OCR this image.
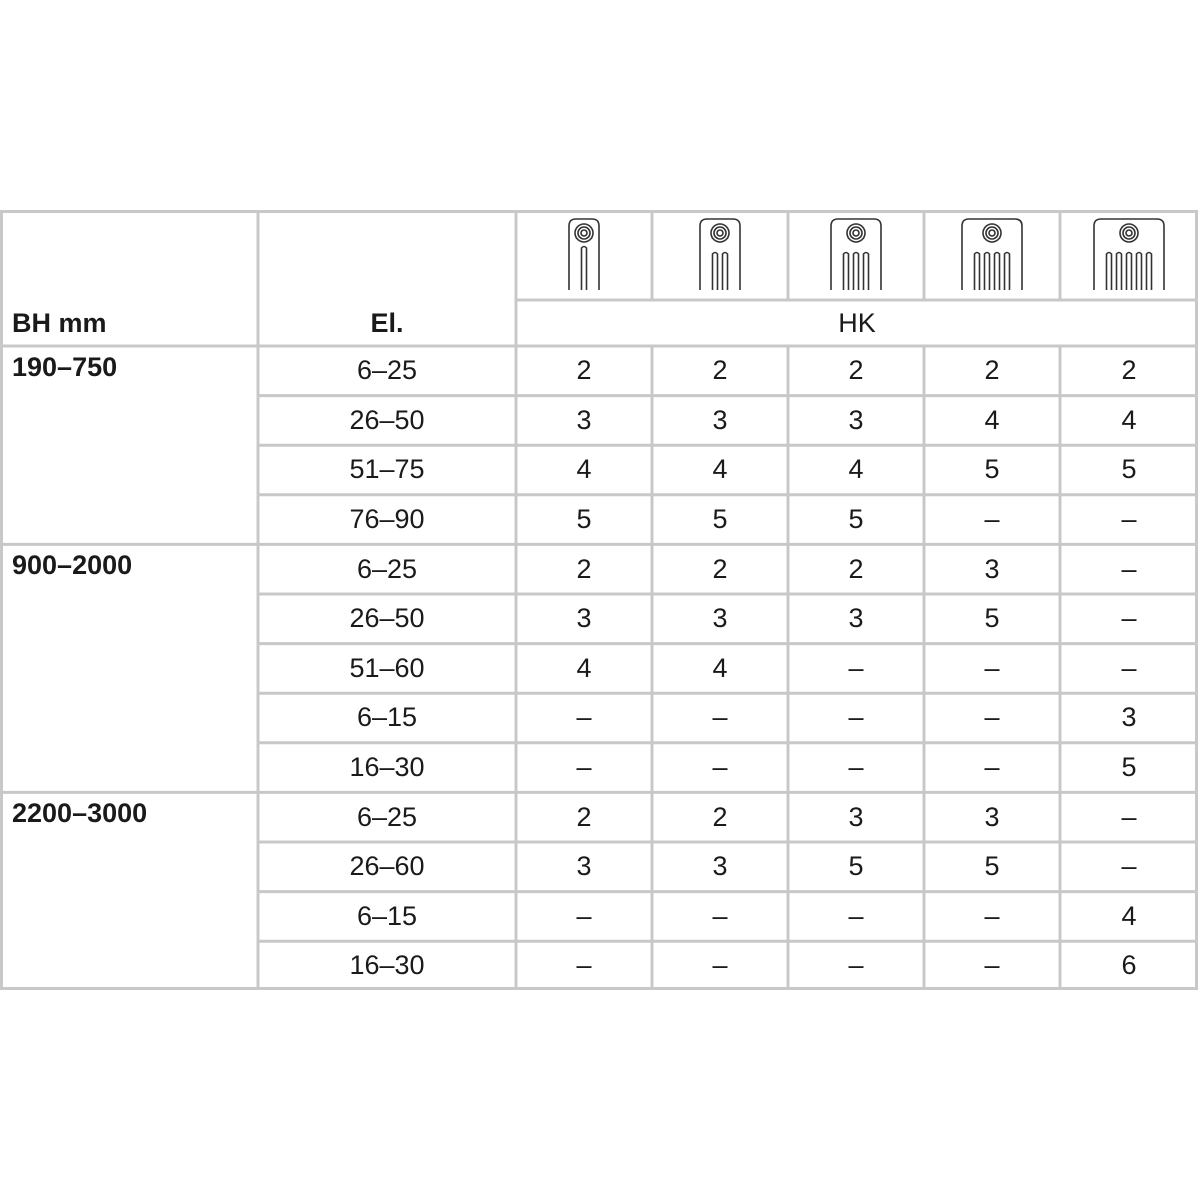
BH mm	El.	HK
190–750	6–25	2	2	2	2	2
26–50	3	3	3	4	4
51–75	4	4	4	5	5
76–90	5	5	5	–	–
900–2000	6–25	2	2	2	3	–
26–50	3	3	3	5	–
51–60	4	4	–	–	–
6–15	–	–	–	–	3
16–30	–	–	–	–	5
2200–3000	6–25	2	2	3	3	–
26–60	3	3	5	5	–
6–15	–	–	–	–	4
16–30	–	–	–	–	6
